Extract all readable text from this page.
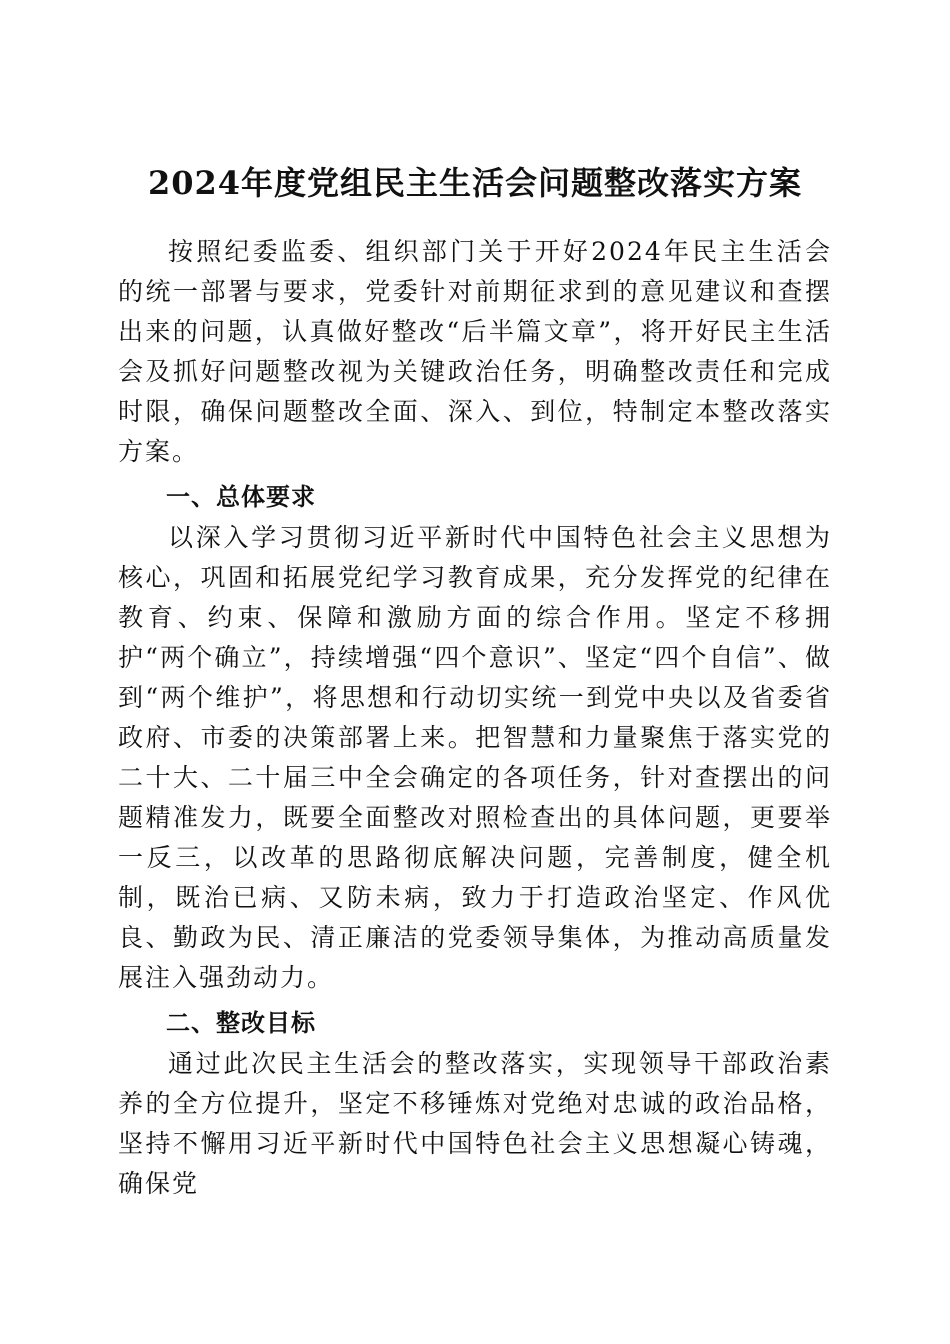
2024年度党组民主生活会问题整改落实方案

按照纪委监委、组织部门关于开好2024年民主生活会的统一部署与要求，党委针对前期征求到的意见建议和查摆出来的问题，认真做好整改“后半篇文章”，将开好民主生活会及抓好问题整改视为关键政治任务，明确整改责任和完成时限，确保问题整改全面、深入、到位，特制定本整改落实方案。

一、总体要求

以深入学习贯彻习近平新时代中国特色社会主义思想为核心，巩固和拓展党纪学习教育成果，充分发挥党的纪律在教育、约束、保障和激励方面的综合作用。坚定不移拥护“两个确立”，持续增强“四个意识”、坚定“四个自信”、做到“两个维护”，将思想和行动切实统一到党中央以及省委省政府、市委的决策部署上来。把智慧和力量聚焦于落实党的二十大、二十届三中全会确定的各项任务，针对查摆出的问题精准发力，既要全面整改对照检查出的具体问题，更要举一反三，以改革的思路彻底解决问题，完善制度，健全机制，既治已病、又防未病，致力于打造政治坚定、作风优良、勤政为民、清正廉洁的党委领导集体，为推动高质量发展注入强劲动力。

二、整改目标

通过此次民主生活会的整改落实，实现领导干部政治素养的全方位提升，坚定不移锤炼对党绝对忠诚的政治品格，坚持不懈用习近平新时代中国特色社会主义思想凝心铸魂，确保党
